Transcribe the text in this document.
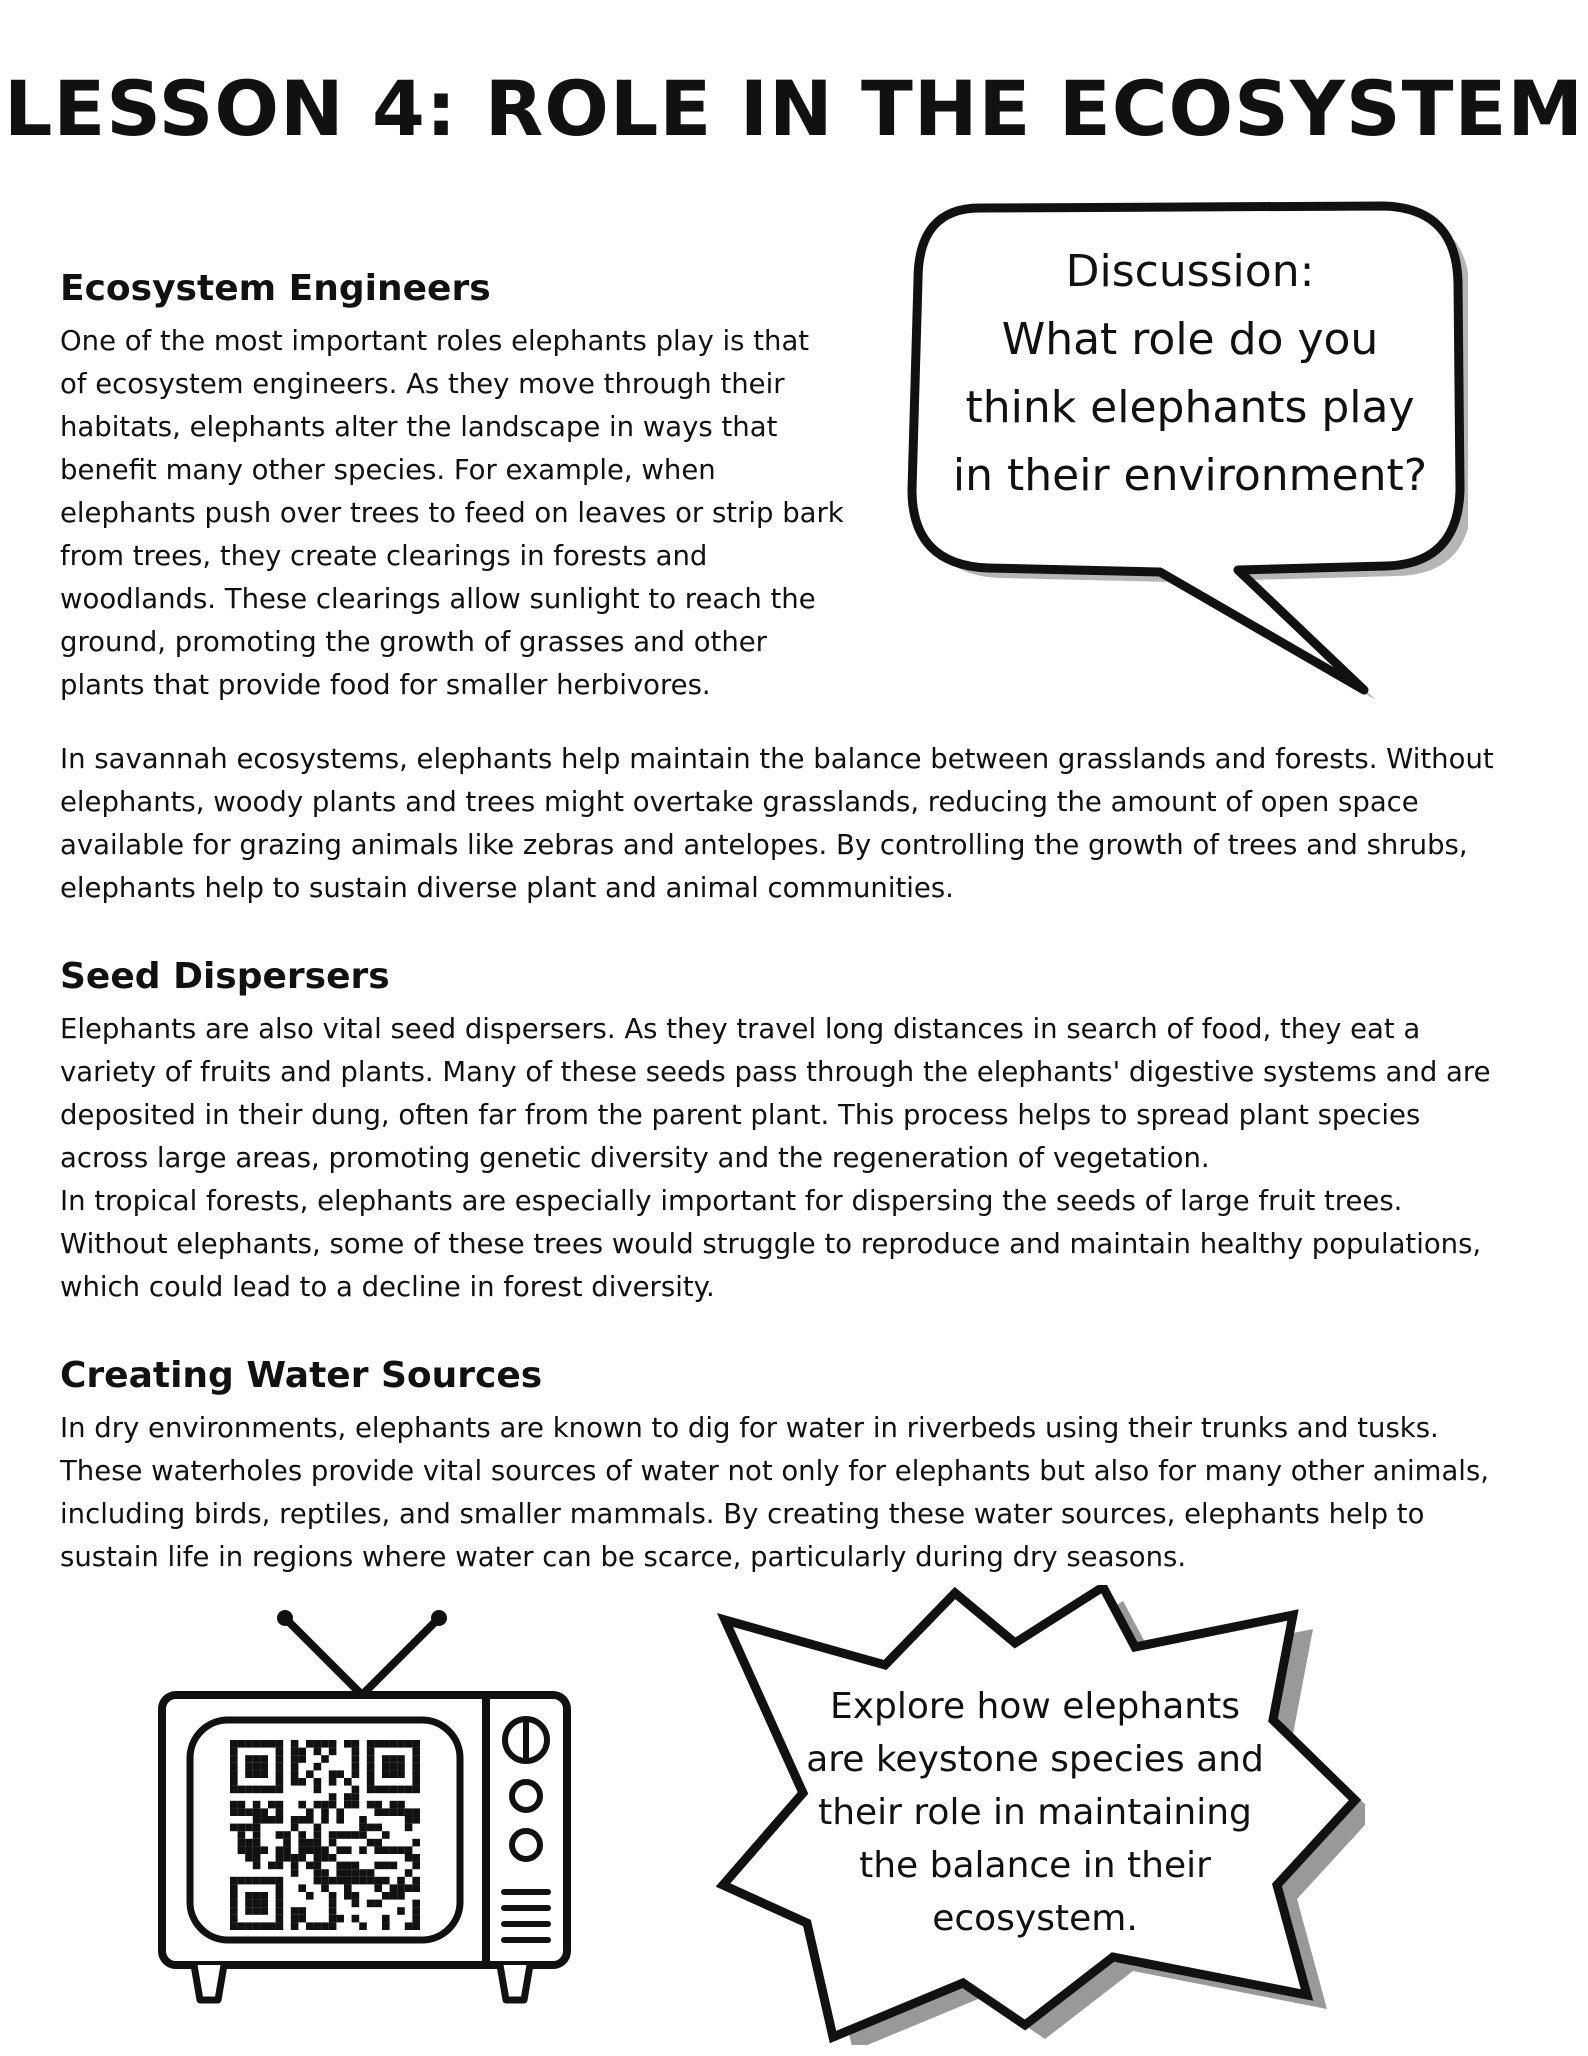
LESSON 4: ROLE IN THE ECOSYSTEM
Discussion:
What role do you
think elephants play
in their environment?
Ecosystem Engineers
One of the most important roles elephants play is that
of ecosystem engineers. As they move through their
habitats, elephants alter the landscape in ways that
benefit many other species. For example, when
elephants push over trees to feed on leaves or strip bark
from trees, they create clearings in forests and
woodlands. These clearings allow sunlight to reach the
ground, promoting the growth of grasses and other
plants that provide food for smaller herbivores.
In savannah ecosystems, elephants help maintain the balance between grasslands and forests. Without
elephants, woody plants and trees might overtake grasslands, reducing the amount of open space
available for grazing animals like zebras and antelopes. By controlling the growth of trees and shrubs,
elephants help to sustain diverse plant and animal communities.
Seed Dispersers
Elephants are also vital seed dispersers. As they travel long distances in search of food, they eat a
variety of fruits and plants. Many of these seeds pass through the elephants' digestive systems and are
deposited in their dung, often far from the parent plant. This process helps to spread plant species
across large areas, promoting genetic diversity and the regeneration of vegetation.
In tropical forests, elephants are especially important for dispersing the seeds of large fruit trees.
Without elephants, some of these trees would struggle to reproduce and maintain healthy populations,
which could lead to a decline in forest diversity.
Creating Water Sources
In dry environments, elephants are known to dig for water in riverbeds using their trunks and tusks.
These waterholes provide vital sources of water not only for elephants but also for many other animals,
including birds, reptiles, and smaller mammals. By creating these water sources, elephants help to
sustain life in regions where water can be scarce, particularly during dry seasons.
Explore how elephants
are keystone species and
their role in maintaining
the balance in their
ecosystem.
